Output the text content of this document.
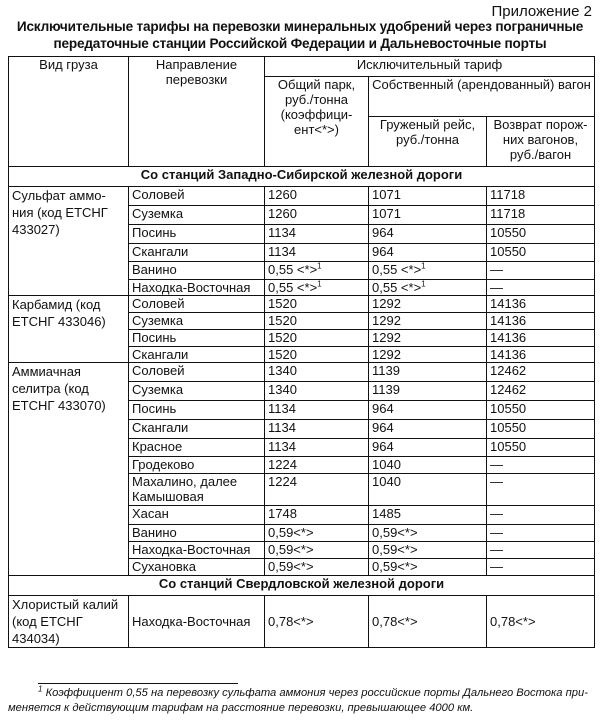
Приложение 2
Исключительные тарифы на перевозки минеральных удобрений через пограничные передаточные станции Российской Федерации и Дальневосточные порты
Вид груза	Направление перевозки	Исключительный тариф		
		Общий парк, руб./тонна (коэффици-ент<*>)	Собственный (арендованный) вагон	
			Груженый рейс, руб./тонна	Возврат порож-них вагонов, руб./вагон
Со станций Западно-Сибирской железной дороги				
Сульфат аммо-ния (код ЕТСНГ 433027)	Соловей	1260	1071	11718
	Суземка	1260	1071	11718
	Посинь	1134	964	10550
	Скангали	1134	964	10550
	Ванино	0,55 <*>$^1$	0,55 <*>$^1$	—
	Находка-Восточная	0,55 <*>$^1$	0,55 <*>$^1$	—
Карбамид (код ЕТСНГ 433046)	Соловей	1520	1292	14136
	Суземка	1520	1292	14136
	Посинь	1520	1292	14136
	Скангали	1520	1292	14136
Аммиачная селитра (код ЕТСНГ 433070)	Соловей	1340	1139	12462
	Суземка	1340	1139	12462
	Посинь	1134	964	10550
	Скангали	1134	964	10550
	Красное	1134	964	10550
	Гродеково	1224	1040	—
	Махалино, далее Камышовая	1224	1040	—
	Хасан	1748	1485	—
	Ванино	0,59<*>	0,59<*>	—
	Находка-Восточная	0,59<*>	0,59<*>	—
	Сухановка	0,59<*>	0,59<*>	—
Со станций Свердловской железной дороги				
Хлористый калий (код ЕТСНГ 434034)	Находка-Восточная	0,78<*>	0,78<*>	0,78<*>
$^1$ Коэффициент 0,55 на перевозку сульфата аммония через российские порты Дальнего Востока при-меняется к действующим тарифам на расстояние перевозки, превышающее 4000 км.
